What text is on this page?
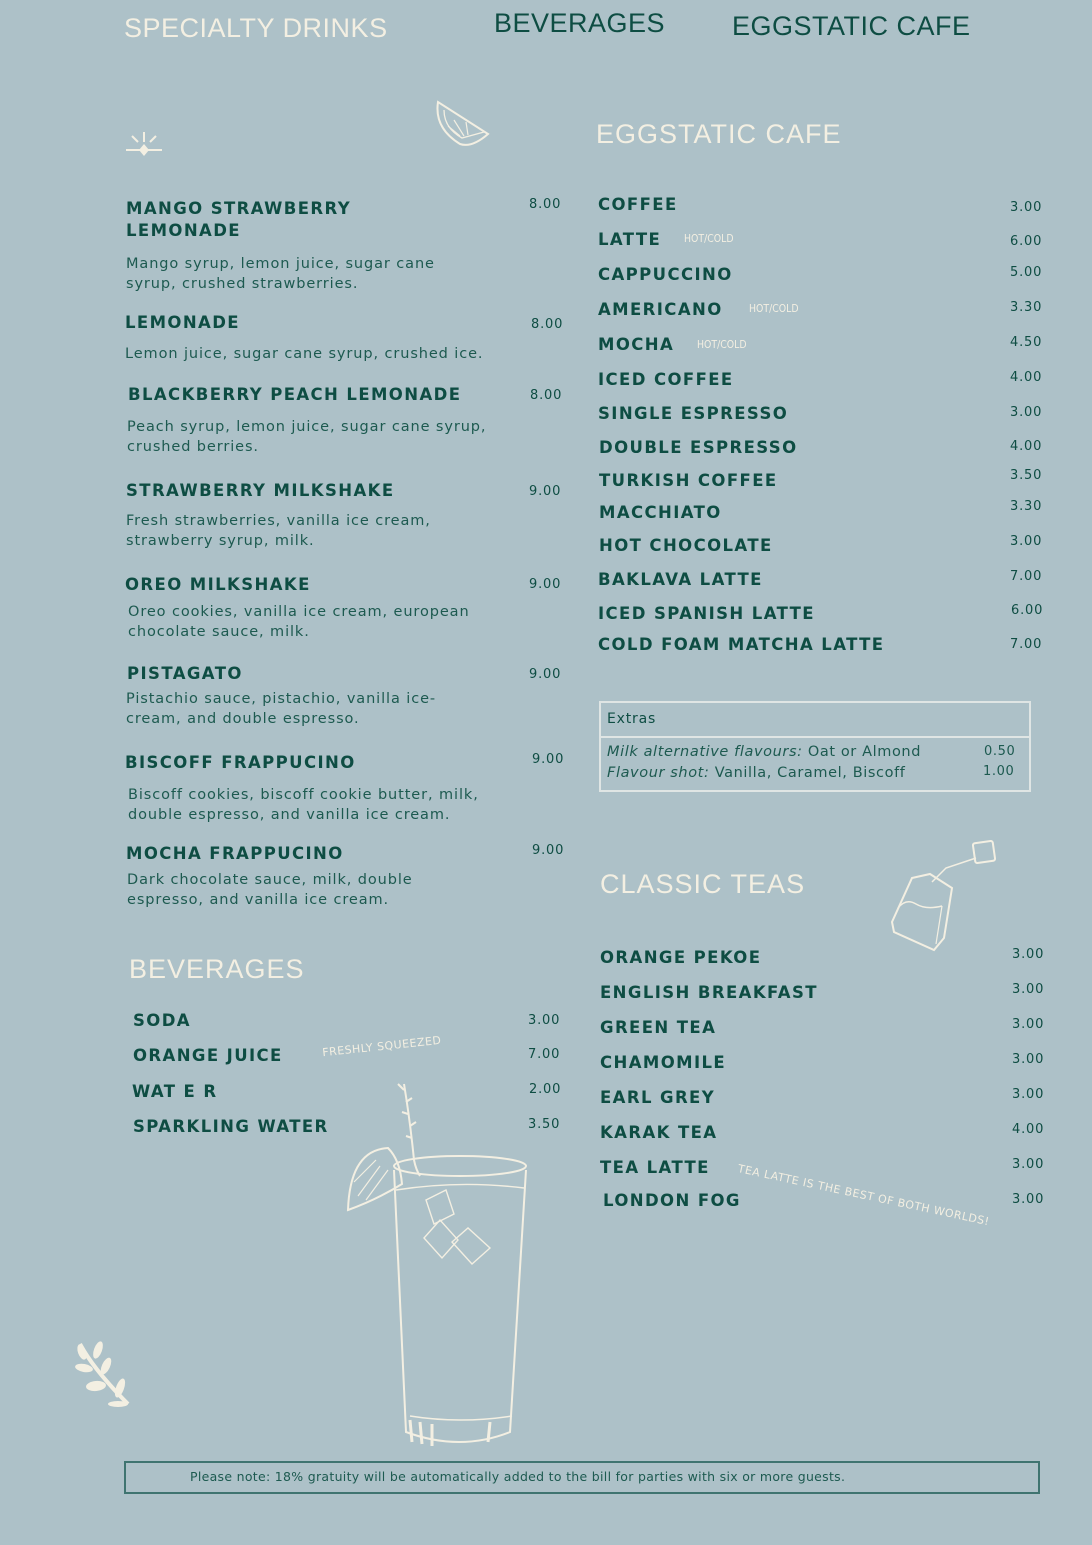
SPECIALTY DRINKS	BEVERAGES EGGSTATIC CAFE
MANGO STRAWBERRY LEMONADE
8.00
Mango syrup, lemon juice, sugar cane syrup, crushed strawberries.
LEMONADE	8.00
Lemon juice, sugar cane syrup, crushed ice.
BLACKBERRY PEACH LEMONADE	8.00
Peach syrup, lemon juice, sugar cane syrup, crushed berries.
STRAWBERRY MILKSHAKE	9.00
Fresh strawberries, vanilla ice cream, strawberry syrup, milk.
OREO MILKSHAKE	9.00
Oreo cookies, vanilla ice cream, european chocolate sauce, milk.
PISTAGATO	9.00
Pistachio sauce, pistachio, vanilla ice-cream, and double espresso.
BISCOFF FRAPPUCINO	9.00
Biscoff cookies, biscoff cookie butter, milk, double espresso, and vanilla ice cream.
MOCHA FRAPPUCINO	9.00
Dark chocolate sauce, milk, double espresso, and vanilla ice cream.
BEVERAGES
SODA	3.00
ORANGE JUICE	FRESHLY SQUEEZED	7.00
WAT E R	2.00
SPARKLING WATER	3.50
EGGSTATIC CAFE
COFFEE	3.00
LATTE HOT/COLD	6.00
CAPPUCCINO	5.00
AMERICANO HOT/COLD	3.30
MOCHA HOT/COLD	4.50
ICED COFFEE	4.00
SINGLE ESPRESSO	3.00
DOUBLE ESPRESSO	4.00
TURKISH COFFEE	3.50
MACCHIATO	3.30
HOT CHOCOLATE	3.00
BAKLAVA LATTE	7.00
ICED SPANISH LATTE	6.00
COLD FOAM MATCHA LATTE	7.00
Extras
Milk alternative flavours: Oat or Almond	0.50
Flavour shot: Vanilla, Caramel, Biscoff	1.00
CLASSIC TEAS
ORANGE PEKOE	3.00
ENGLISH BREAKFAST	3.00
GREEN TEA	3.00
CHAMOMILE	3.00
EARL GREY	3.00
KARAK TEA	4.00
TEA LATTE TEA LATTE IS THE BEST OF BOTH WORLDS! 3.00
LONDON FOG	3.00
Please note: 18% gratuity will be automatically added to the bill for parties with six or more guests.
